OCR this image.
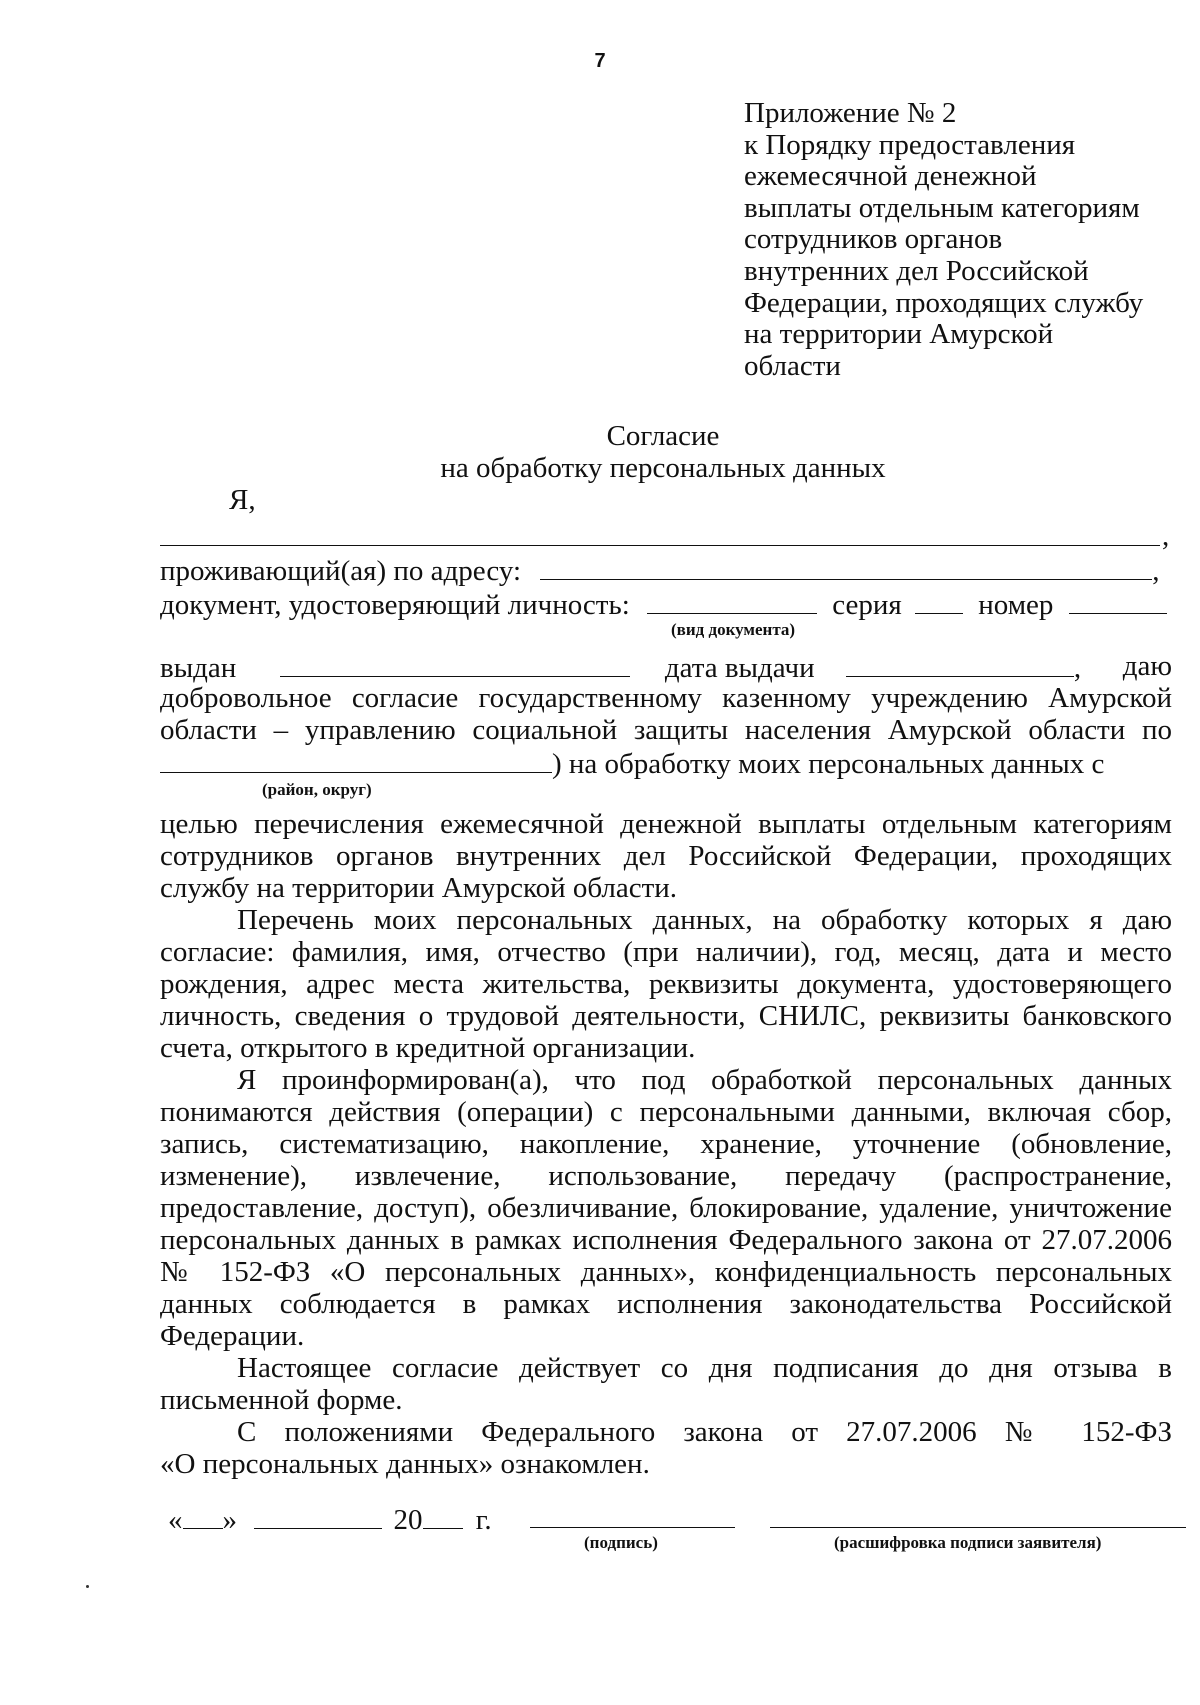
7
Приложение № 2
к Порядку предоставления
ежемесячной денежной
выплаты отдельным категориям
сотрудников органов
внутренних дел Российской
Федерации, проходящих службу
на территории Амурской
области
Согласие
на обработку персональных данных
Я,
,
проживающий(ая) по адресу:	,
документ, удостоверяющий личность:	серия	номер
(вид документа)
выдан	дата выдачи	, даю
добровольное согласие государственному казенному учреждению Амурской
области – управлению социальной защиты населения Амурской области по
) на обработку моих персональных данных с
(район, округ)
целью перечисления ежемесячной денежной выплаты отдельным категориям
сотрудников органов внутренних дел Российской Федерации, проходящих
службу на территории Амурской области.
Перечень моих персональных данных, на обработку которых я даю
согласие: фамилия, имя, отчество (при наличии), год, месяц, дата и место
рождения, адрес места жительства, реквизиты документа, удостоверяющего
личность, сведения о трудовой деятельности, СНИЛС, реквизиты банковского
счета, открытого в кредитной организации.
Я проинформирован(а), что под обработкой персональных данных
понимаются действия (операции) с персональными данными, включая сбор,
запись, систематизацию, накопление, хранение, уточнение (обновление,
изменение), извлечение, использование, передачу (распространение,
предоставление, доступ), обезличивание, блокирование, удаление, уничтожение
персональных данных в рамках исполнения Федерального закона от 27.07.2006
№ 152-ФЗ «О персональных данных», конфиденциальность персональных
данных соблюдается в рамках исполнения законодательства Российской
Федерации.
Настоящее согласие действует со дня подписания до дня отзыва в
письменной форме.
С положениями Федерального закона от 27.07.2006 № 152-ФЗ
«О персональных данных» ознакомлен.
« »	20 г.
(подпись)	(расшифровка подписи заявителя)
